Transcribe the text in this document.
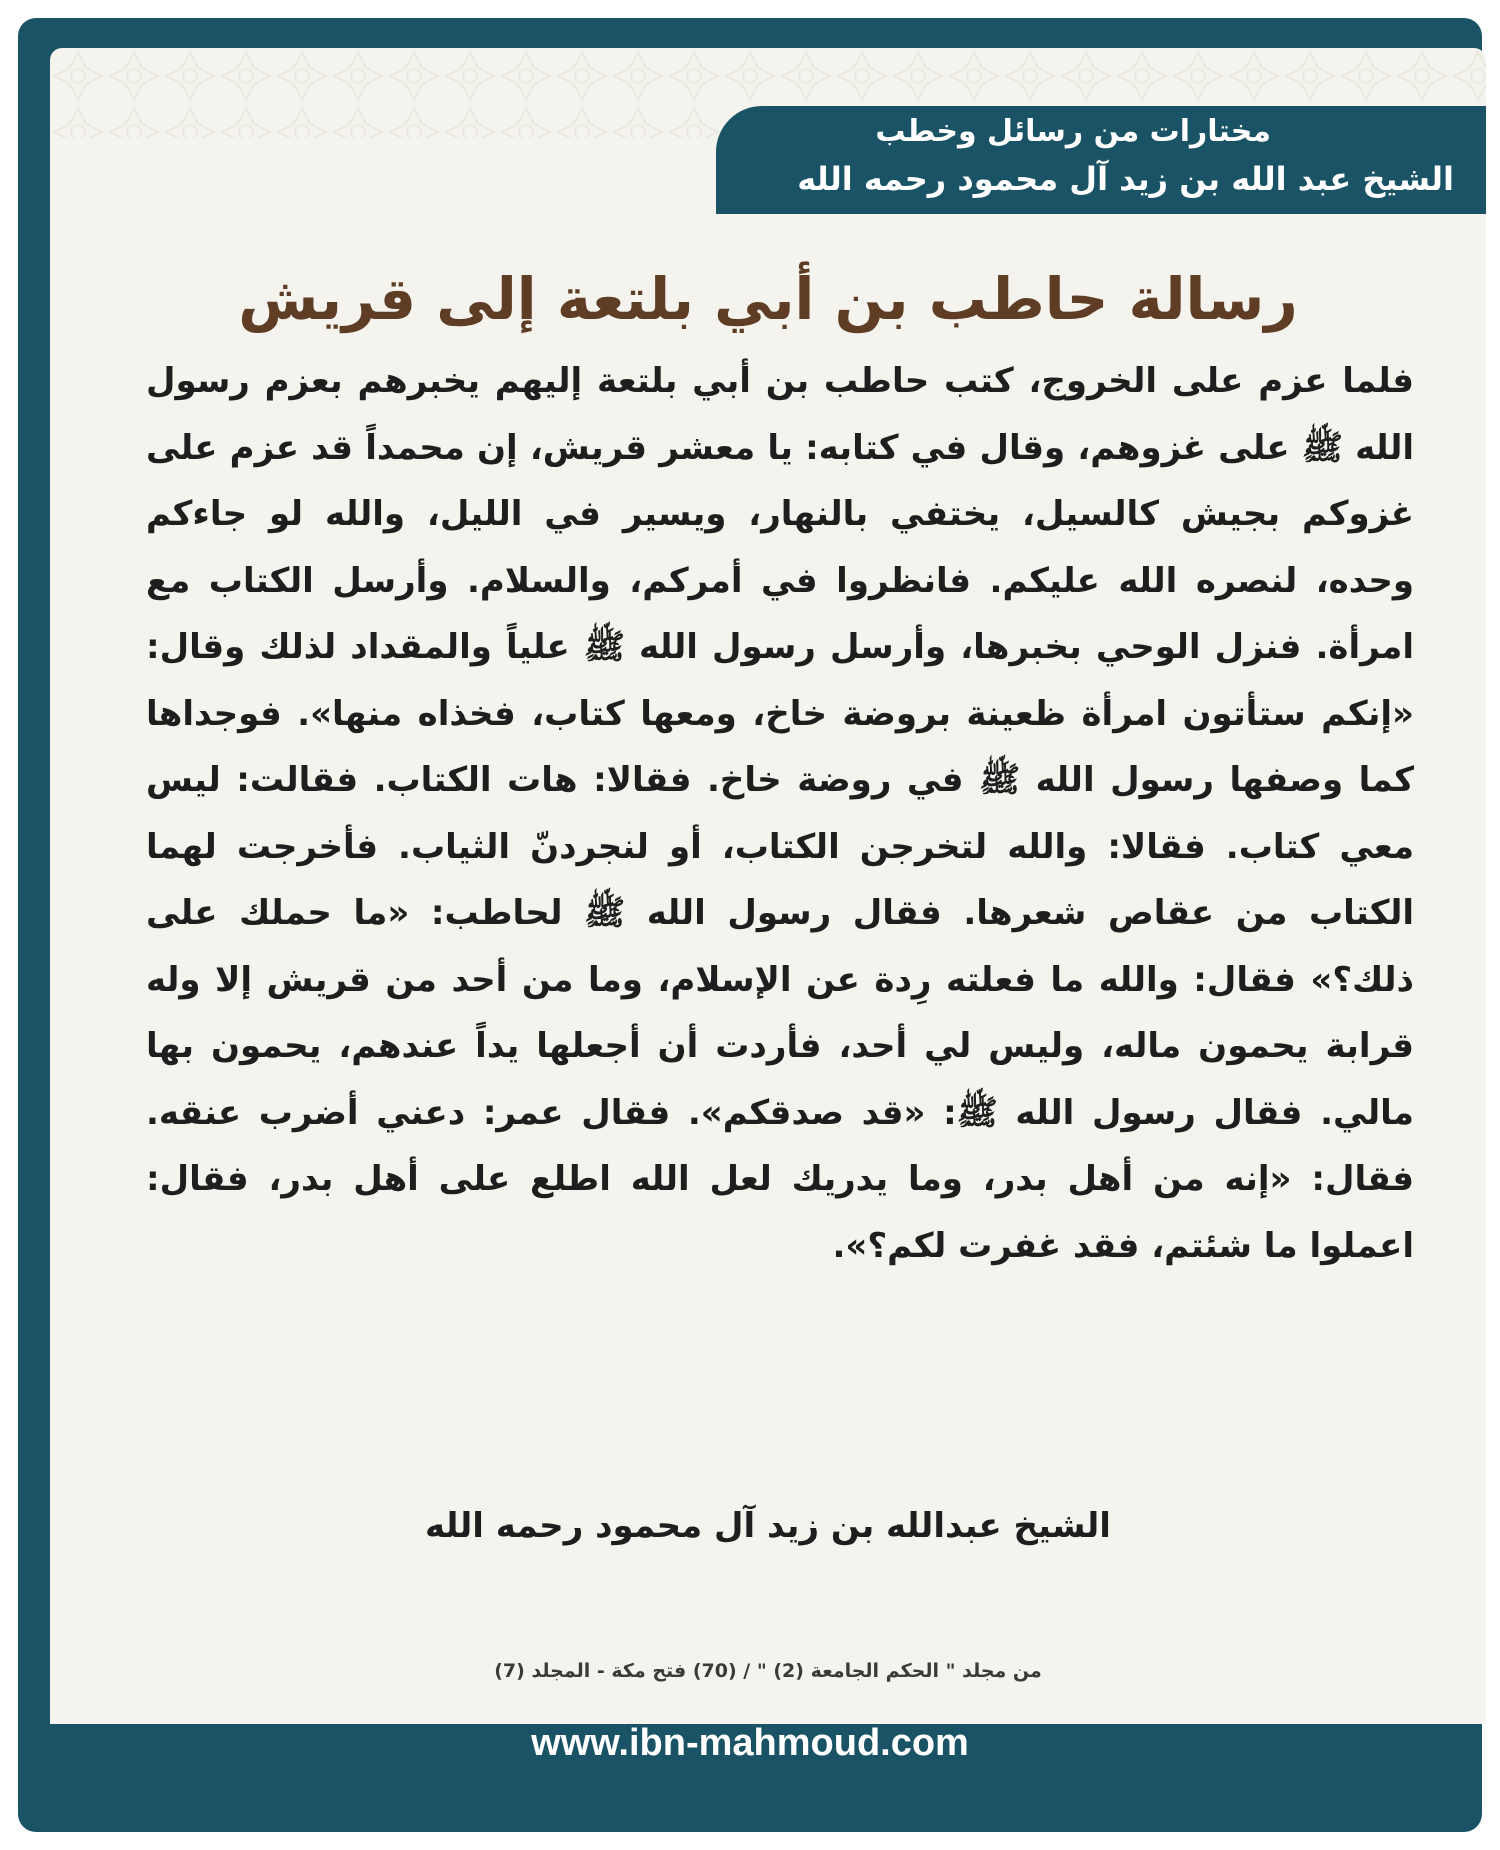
مختارات من رسائل وخطب
الشيخ عبد الله بن زيد آل محمود رحمه الله
رسالة حاطب بن أبي بلتعة إلى قريش
فلما عزم على الخروج، كتب حاطب بن أبي بلتعة إليهم يخبرهم بعزم رسول الله ﷺ على غزوهم، وقال في كتابه: يا معشر قريش، إن محمداً قد عزم على غزوكم بجيش كالسيل، يختفي بالنهار، ويسير في الليل، والله لو جاءكم وحده، لنصره الله عليكم. فانظروا في أمركم، والسلام. وأرسل الكتاب مع امرأة. فنزل الوحي بخبرها، وأرسل رسول الله ﷺ علياً والمقداد لذلك وقال: «إنكم ستأتون امرأة ظعينة بروضة خاخ، ومعها كتاب، فخذاه منها». فوجداها كما وصفها رسول الله ﷺ في روضة خاخ. فقالا: هات الكتاب. فقالت: ليس معي كتاب. فقالا: والله لتخرجن الكتاب، أو لنجردنّ الثياب. فأخرجت لهما الكتاب من عقاص شعرها. فقال رسول الله ﷺ لحاطب: «ما حملك على ذلك؟» فقال: والله ما فعلته رِدة عن الإسلام، وما من أحد من قريش إلا وله قرابة يحمون ماله، وليس لي أحد، فأردت أن أجعلها يداً عندهم، يحمون بها مالي. فقال رسول الله ﷺ: «قد صدقكم». فقال عمر: دعني أضرب عنقه. فقال: «إنه من أهل بدر، وما يدريك لعل الله اطلع على أهل بدر، فقال: اعملوا ما شئتم، فقد غفرت لكم؟».
الشيخ عبدالله بن زيد آل محمود رحمه الله
من مجلد " الحكم الجامعة (2) " / (70) فتح مكة - المجلد (7)
www.ibn-mahmoud.com
